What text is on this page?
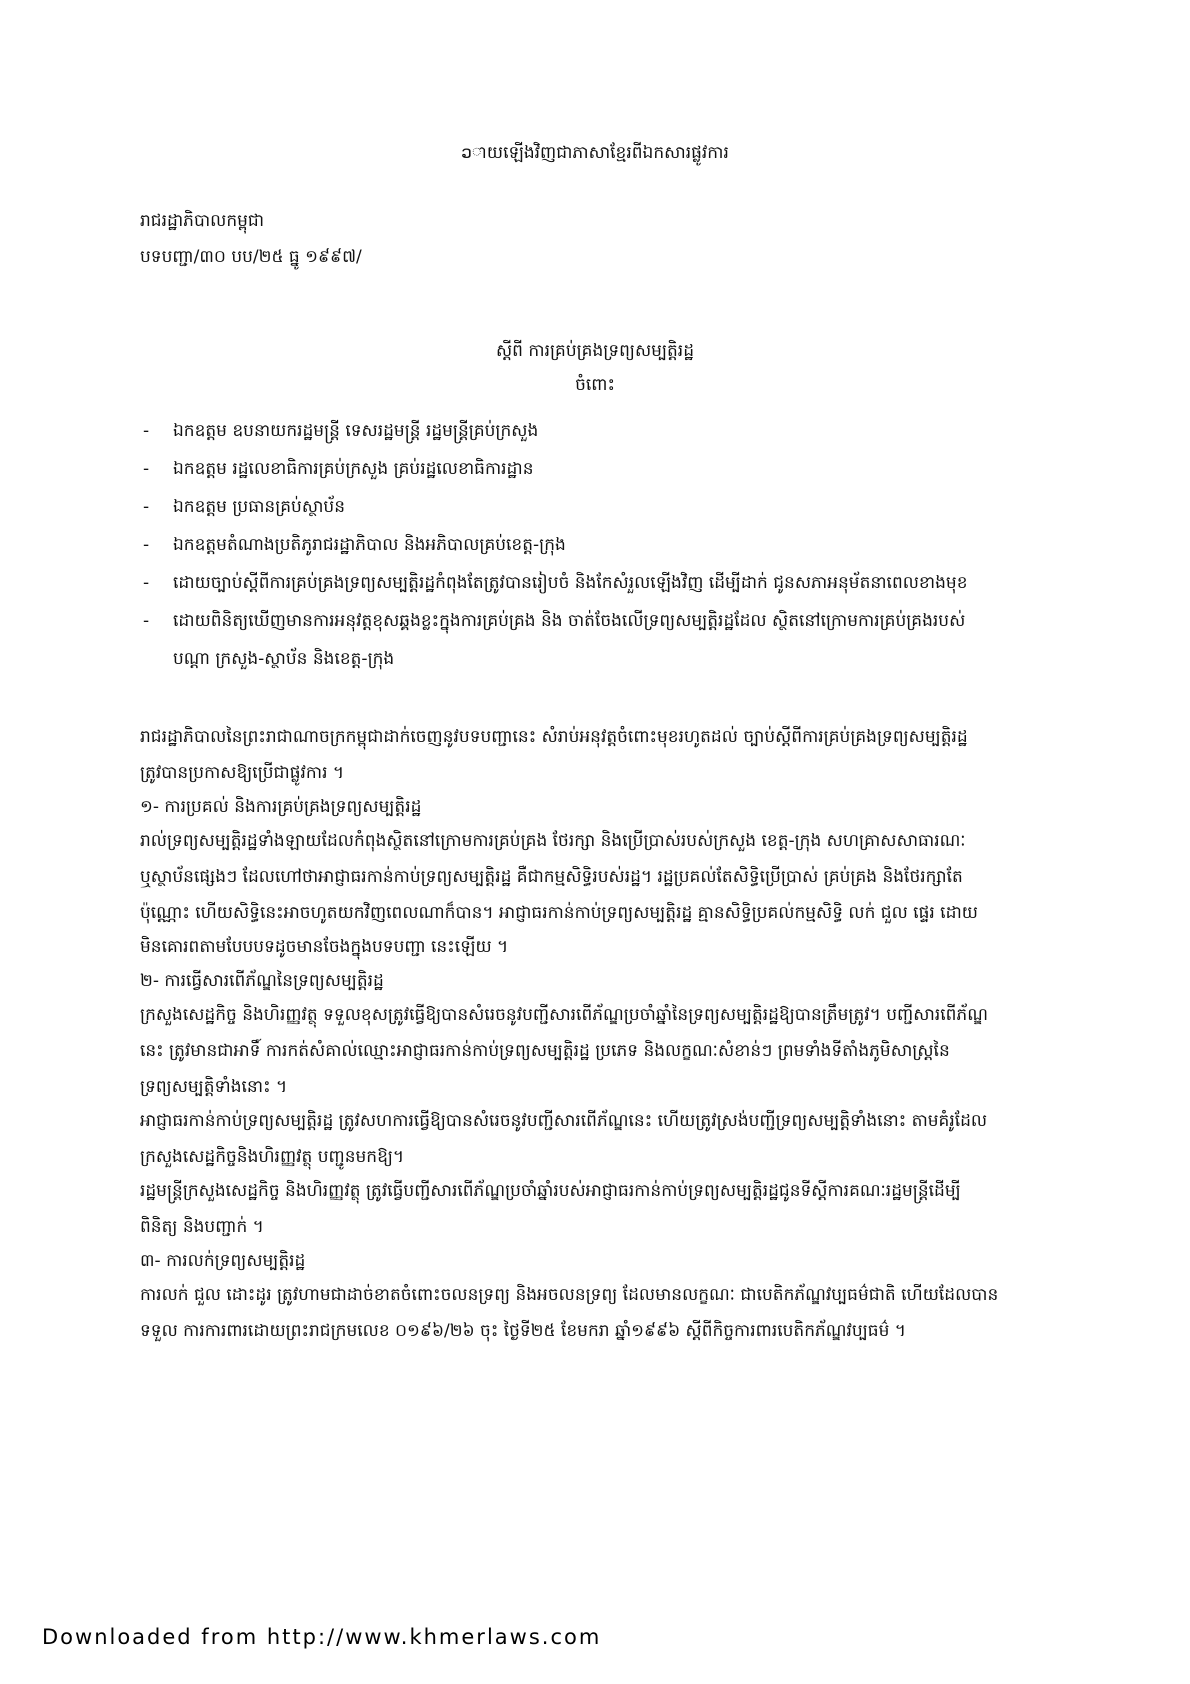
ວាយឡើងវិញជាភាសាខ្មែរពីឯកសារផ្លូវការ
រាជរដ្ឋាភិបាលកម្ពុជា
បទបញ្ជា/៣០ បប/២៥ ធ្នូ ១៩៩៧/
ស្តីពី ការគ្រប់គ្រងទ្រព្យសម្បត្តិរដ្ឋ
ចំពោះ
- ឯកឧត្តម ឧបនាយករដ្ឋមន្ត្រី ទេសរដ្ឋមន្ត្រី រដ្ឋមន្ត្រីគ្រប់ក្រសួង
- ឯកឧត្តម រដ្ឋលេខាធិការគ្រប់ក្រសួង គ្រប់រដ្ឋលេខាធិការដ្ឋាន
- ឯកឧត្តម ប្រធានគ្រប់ស្ថាប័ន
- ឯកឧត្តមតំណាងប្រតិភូរាជរដ្ឋាភិបាល និងអភិបាលគ្រប់ខេត្ត-ក្រុង
- ដោយច្បាប់ស្តីពីការគ្រប់គ្រងទ្រព្យសម្បត្តិរដ្ឋកំពុងតែត្រូវបានរៀបចំ និងកែសំរួលឡើងវិញ ដើម្បីដាក់ ជូនសភាអនុម័តនាពេលខាងមុខ
- ដោយពិនិត្យឃើញមានការអនុវត្តខុសឆ្គងខ្លះក្នុងការគ្រប់គ្រង និង ចាត់ចែងលើទ្រព្យសម្បត្តិរដ្ឋដែល ស្ថិតនៅក្រោមការគ្រប់គ្រងរបស់
បណ្តា ក្រសួង-ស្ថាប័ន និងខេត្ត-ក្រុង
រាជរដ្ឋាភិបាលនៃព្រះរាជាណាចក្រកម្ពុជាដាក់ចេញនូវបទបញ្ជានេះ សំរាប់អនុវត្តចំពោះមុខរហូតដល់ ច្បាប់ស្តីពីការគ្រប់គ្រងទ្រព្យសម្បត្តិរដ្ឋ
ត្រូវបានប្រកាសឱ្យប្រើជាផ្លូវការ ។
១- ការប្រគល់ និងការគ្រប់គ្រងទ្រព្យសម្បត្តិរដ្ឋ
រាល់ទ្រព្យសម្បត្តិរដ្ឋទាំងឡាយដែលកំពុងស្ថិតនៅក្រោមការគ្រប់គ្រង ថែរក្សា និងប្រើប្រាស់របស់ក្រសួង ខេត្ត-ក្រុង សហគ្រាសសាធារណៈ
ឬស្ថាប័នផ្សេងៗ ដែលហៅថាអាជ្ញាធរកាន់កាប់ទ្រព្យសម្បត្តិរដ្ឋ គឺជាកម្មសិទ្ធិរបស់រដ្ឋ។ រដ្ឋប្រគល់តែសិទ្ធិប្រើប្រាស់ គ្រប់គ្រង និងថែរក្សាតែ
ប៉ុណ្ណោះ ហើយសិទ្ធិនេះអាចហូតយកវិញពេលណាក៏បាន។ អាជ្ញាធរកាន់កាប់ទ្រព្យសម្បត្តិរដ្ឋ គ្មានសិទ្ធិប្រគល់កម្មសិទ្ធិ លក់ ជួល ផ្ទេរ ដោយ
មិនគោរពតាមបែបបទដូចមានចែងក្នុងបទបញ្ជា នេះឡើយ ។
២- ការធ្វើសារពើភ័ណ្ឌនៃទ្រព្យសម្បត្តិរដ្ឋ
ក្រសួងសេដ្ឋកិច្ច និងហិរញ្ញវត្ថុ ទទួលខុសត្រូវធ្វើឱ្យបានសំរេចនូវបញ្ជីសារពើភ័ណ្ឌប្រចាំឆ្នាំនៃទ្រព្យសម្បត្តិរដ្ឋឱ្យបានត្រឹមត្រូវ។ បញ្ជីសារពើភ័ណ្ឌ
នេះ ត្រូវមានជាអាទិ៍ ការកត់សំគាល់ឈ្មោះអាជ្ញាធរកាន់កាប់ទ្រព្យសម្បត្តិរដ្ឋ ប្រភេទ និងលក្ខណៈសំខាន់ៗ ព្រមទាំងទីតាំងភូមិសាស្ត្រនៃ
ទ្រព្យសម្បត្តិទាំងនោះ ។
អាជ្ញាធរកាន់កាប់ទ្រព្យសម្បត្តិរដ្ឋ ត្រូវសហការធ្វើឱ្យបានសំរេចនូវបញ្ជីសារពើភ័ណ្ឌនេះ ហើយត្រូវស្រង់បញ្ជីទ្រព្យសម្បត្តិទាំងនោះ តាមគំរូដែល
ក្រសួងសេដ្ឋកិច្ចនិងហិរញ្ញវត្ថុ បញ្ជូនមកឱ្យ។
រដ្ឋមន្ត្រីក្រសួងសេដ្ឋកិច្ច និងហិរញ្ញវត្ថុ ត្រូវធ្វើបញ្ជីសារពើភ័ណ្ឌប្រចាំឆ្នាំរបស់អាជ្ញាធរកាន់កាប់ទ្រព្យសម្បត្តិរដ្ឋជូនទីស្តីការគណៈរដ្ឋមន្ត្រីដើម្បី
ពិនិត្យ និងបញ្ជាក់ ។
៣- ការលក់ទ្រព្យសម្បត្តិរដ្ឋ
ការលក់ ជួល ដោះដូរ ត្រូវហាមជាដាច់ខាតចំពោះចលនទ្រព្យ និងអចលនទ្រព្យ ដែលមានលក្ខណៈ ជាបេតិកភ័ណ្ឌវប្បធម៌ជាតិ ហើយដែលបាន
ទទួល ការការពារដោយព្រះរាជក្រមលេខ ០១៩៦/២៦ ចុះ ថ្ងៃទី២៥ ខែមករា ឆ្នាំ១៩៩៦ ស្តីពីកិច្ចការពារបេតិកភ័ណ្ឌវប្បធម៌ ។
Downloaded from http://www.khmerlaws.com
